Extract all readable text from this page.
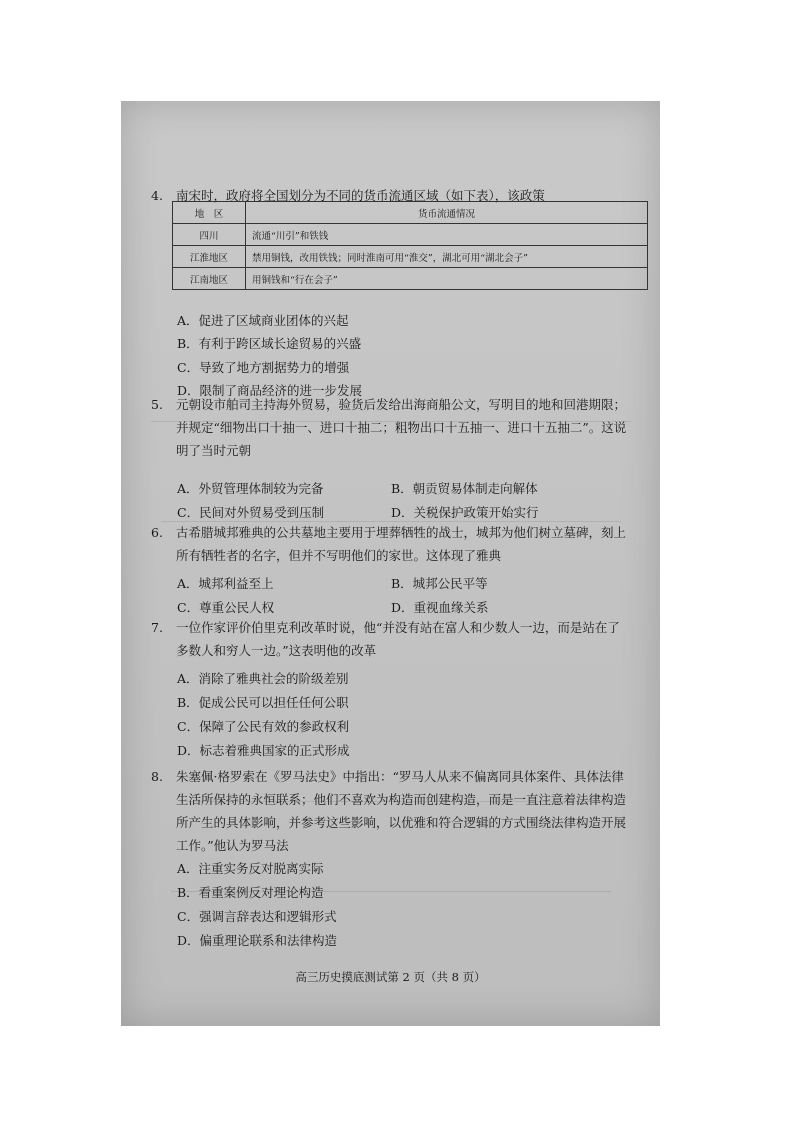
、　　　　　　　　　　
4. 南宋时，政府将全国划分为不同的货币流通区域（如下表），该政策
地　区	货币流通情况
四川	流通“川引”和铁钱
江淮地区	禁用铜钱，改用铁钱；同时淮南可用“淮交”，湖北可用“湖北会子”
江南地区	用铜钱和“行在会子”
A．促进了区域商业团体的兴起
B．有利于跨区域长途贸易的兴盛
C．导致了地方割据势力的增强
D．限制了商品经济的进一步发展
5. 元朝设市舶司主持海外贸易，验货后发给出海商船公文，写明目的地和回港期限；并规定“细物出口十抽一、进口十抽二；粗物出口十五抽一、进口十五抽二”。这说明了当时元朝
A．外贸管理体制较为完备	B．朝贡贸易体制走向解体
C．民间对外贸易受到压制	D．关税保护政策开始实行
6. 古希腊城邦雅典的公共墓地主要用于埋葬牺牲的战士，城邦为他们树立墓碑，刻上所有牺牲者的名字，但并不写明他们的家世。这体现了雅典
A．城邦利益至上	B．城邦公民平等
C．尊重公民人权	D．重视血缘关系
7. 一位作家评价伯里克利改革时说，他“并没有站在富人和少数人一边，而是站在了多数人和穷人一边。”这表明他的改革
A．消除了雅典社会的阶级差别
B．促成公民可以担任任何公职
C．保障了公民有效的参政权利
D．标志着雅典国家的正式形成
8. 朱塞佩·格罗索在《罗马法史》中指出：“罗马人从来不偏离同具体案件、具体法律生活所保持的永恒联系；他们不喜欢为构造而创建构造，而是一直注意着法律构造所产生的具体影响，并参考这些影响，以优雅和符合逻辑的方式围绕法律构造开展工作。”他认为罗马法
A．注重实务反对脱离实际
B．看重案例反对理论构造
C．强调言辞表达和逻辑形式
D．偏重理论联系和法律构造
高三历史摸底测试第 2 页（共 8 页）
